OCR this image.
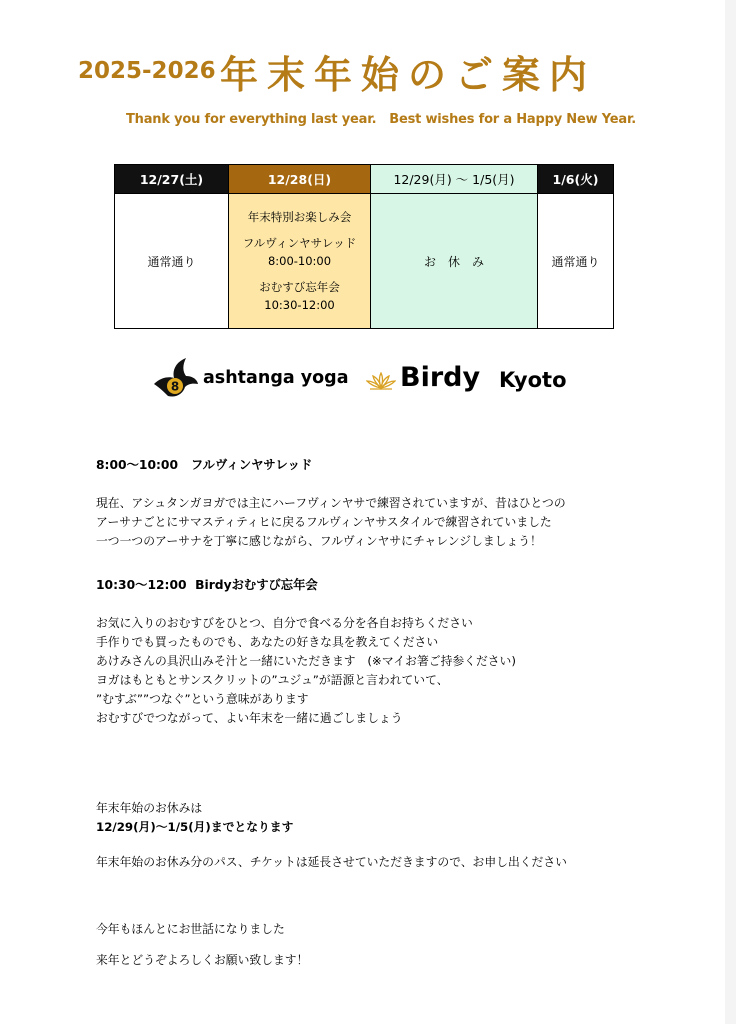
2025-2026 年末年始のご案内
Thank you for everything last year.   Best wishes for a Happy New Year.
12/27(土)	12/28(日)	12/29(月) ～ 1/5(月)	1/6(火)
通常通り	年末特別お楽しみ会
フルヴィンヤサレッド
8:00-10:00
おむすび忘年会
10:30-12:00	お　休　み	通常通り
8 ashtanga yoga Birdy Kyoto
8:00～10:00   フルヴィンヤサレッド
現在、アシュタンガヨガでは主にハーフヴィンヤサで練習されていますが、昔はひとつの
アーサナごとにサマスティティヒに戻るフルヴィンヤサスタイルで練習されていました
一つ一つのアーサナを丁寧に感じながら、フルヴィンヤサにチャレンジしましょう！
10:30～12:00  Birdyおむすび忘年会
お気に入りのおむすびをひとつ、自分で食べる分を各自お持ちください
手作りでも買ったものでも、あなたの好きな具を教えてください
あけみさんの具沢山みそ汁と一緒にいただきます　(※マイお箸ご持参ください)
ヨガはもともとサンスクリットの”ユジュ”が語源と言われていて、
”むすぶ””つなぐ”という意味があります
おむすびでつながって、よい年末を一緒に過ごしましょう
年末年始のお休みは
12/29(月)～1/5(月)までとなります
年末年始のお休み分のパス、チケットは延長させていただきますので、お申し出ください
今年もほんとにお世話になりました
来年とどうぞよろしくお願い致します！
